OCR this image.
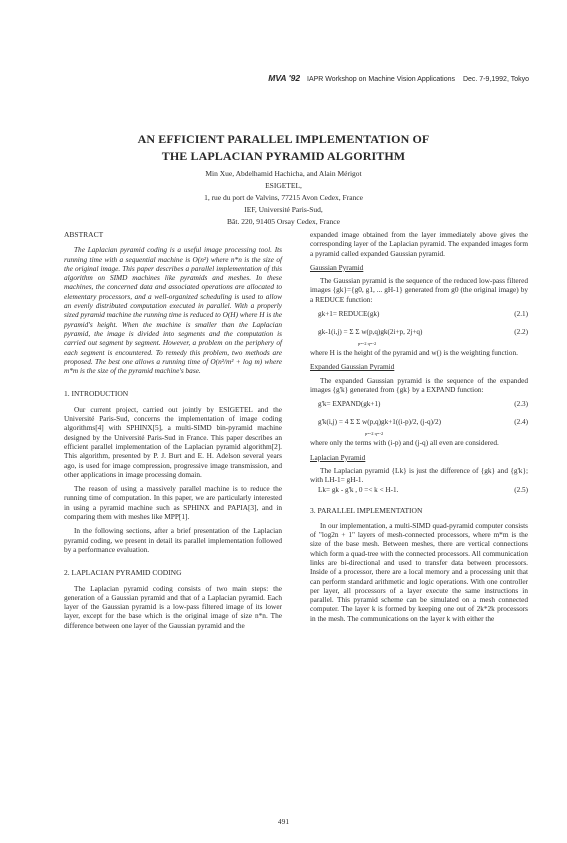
MVA '92 IAPR Workshop on Machine Vision Applications Dec. 7-9,1992, Tokyo
AN EFFICIENT PARALLEL IMPLEMENTATION OF
THE LAPLACIAN PYRAMID ALGORITHM
Min Xue, Abdelhamid Hachicha, and Alain Mérigot
ESIGETEL,
1, rue du port de Valvins, 77215 Avon Cedex, France
IEF, Université Paris-Sud,
Bât. 220, 91405 Orsay Cedex, France

ABSTRACT

The Laplacian pyramid coding is a useful image processing tool. Its running time with a sequential machine is O(n²) where n*n is the size of the original image. This paper describes a parallel implementation of this algorithm on SIMD machines like pyramids and meshes. In these machines, the concerned data and associated operations are allocated to elementary processors, and a well-organized scheduling is used to allow an evenly distributed computation executed in parallel. With a properly sized pyramid machine the running time is reduced to O(H) where H is the pyramid's height. When the machine is smaller than the Laplacian pyramid, the image is divided into segments and the computation is carried out segment by segment. However, a problem on the periphery of each segment is encountered. To remedy this problem, two methods are proposed. The best one allows a running time of O(n²/m² + log m) where m*m is the size of the pyramid machine's base.

1. INTRODUCTION

Our current project, carried out jointly by ESIGETEL and the Université Paris-Sud, concerns the implementation of image coding algorithms[4] with SPHINX[5], a multi-SIMD bin-pyramid machine designed by the Université Paris-Sud in France. This paper describes an efficient parallel implementation of the Laplacian pyramid algorithm[2]. This algorithm, presented by P. J. Burt and E. H. Adelson several years ago, is used for image compression, progressive image transmission, and other applications in image processing domain.

The reason of using a massively parallel machine is to reduce the running time of computation. In this paper, we are particularly interested in using a pyramid machine such as SPHINX and PAPIA[3], and in comparing them with meshes like MPP[1].

In the following sections, after a brief presentation of the Laplacian pyramid coding, we present in detail its parallel implementation followed by a performance evaluation.

2. LAPLACIAN PYRAMID CODING

The Laplacian pyramid coding consists of two main steps: the generation of a Gaussian pyramid and that of a Laplacian pyramid. Each layer of the Gaussian pyramid is a low-pass filtered image of its lower layer, except for the base which is the original image of size n*n. The difference between one layer of the Gaussian pyramid and the

expanded image obtained from the layer immediately above gives the corresponding layer of the Laplacian pyramid. The expanded images form a pyramid called expanded Gaussian pyramid.

Gaussian Pyramid

The Gaussian pyramid is the sequence of the reduced low-pass filtered images {gk}={g0, g1, ... gH-1} generated from g0 (the original image) by a REDUCE function:

gk+1= REDUCE(gk)	(2.1)
gk-1(i,j) = Σ Σ w(p,q)gk(2i+p, 2j+q)
p=-2 q=-2
(2.2)

where H is the height of the pyramid and w() is the weighting function.

Expanded Gaussian Pyramid

The expanded Gaussian pyramid is the sequence of the expanded images {g'k} generated from {gk} by a EXPAND function:

g'k= EXPAND(gk+1)	(2.3)
g'k(i,j) = 4 Σ Σ w(p,q)gk+1((i-p)/2, (j-q)/2)
p=-2 q=-2
(2.4)

where only the terms with (i-p) and (j-q) all even are considered.

Laplacian Pyramid

The Laplacian pyramid {Lk} is just the difference of {gk} and {g'k}; with LH-1= gH-1.

Lk= gk - g'k , 0 =< k < H-1.	(2.5)

3. PARALLEL IMPLEMENTATION

In our implementation, a multi-SIMD quad-pyramid computer consists of "log2n + 1" layers of mesh-connected processors, where m*m is the size of the base mesh. Between meshes, there are vertical connections which form a quad-tree with the connected processors. All communication links are bi-directional and used to transfer data between processors. Inside of a processor, there are a local memory and a processing unit that can perform standard arithmetic and logic operations. With one controller per layer, all processors of a layer execute the same instructions in parallel. This pyramid scheme can be simulated on a mesh connected computer. The layer k is formed by keeping one out of 2k*2k processors in the mesh. The communications on the layer k with either the

491
